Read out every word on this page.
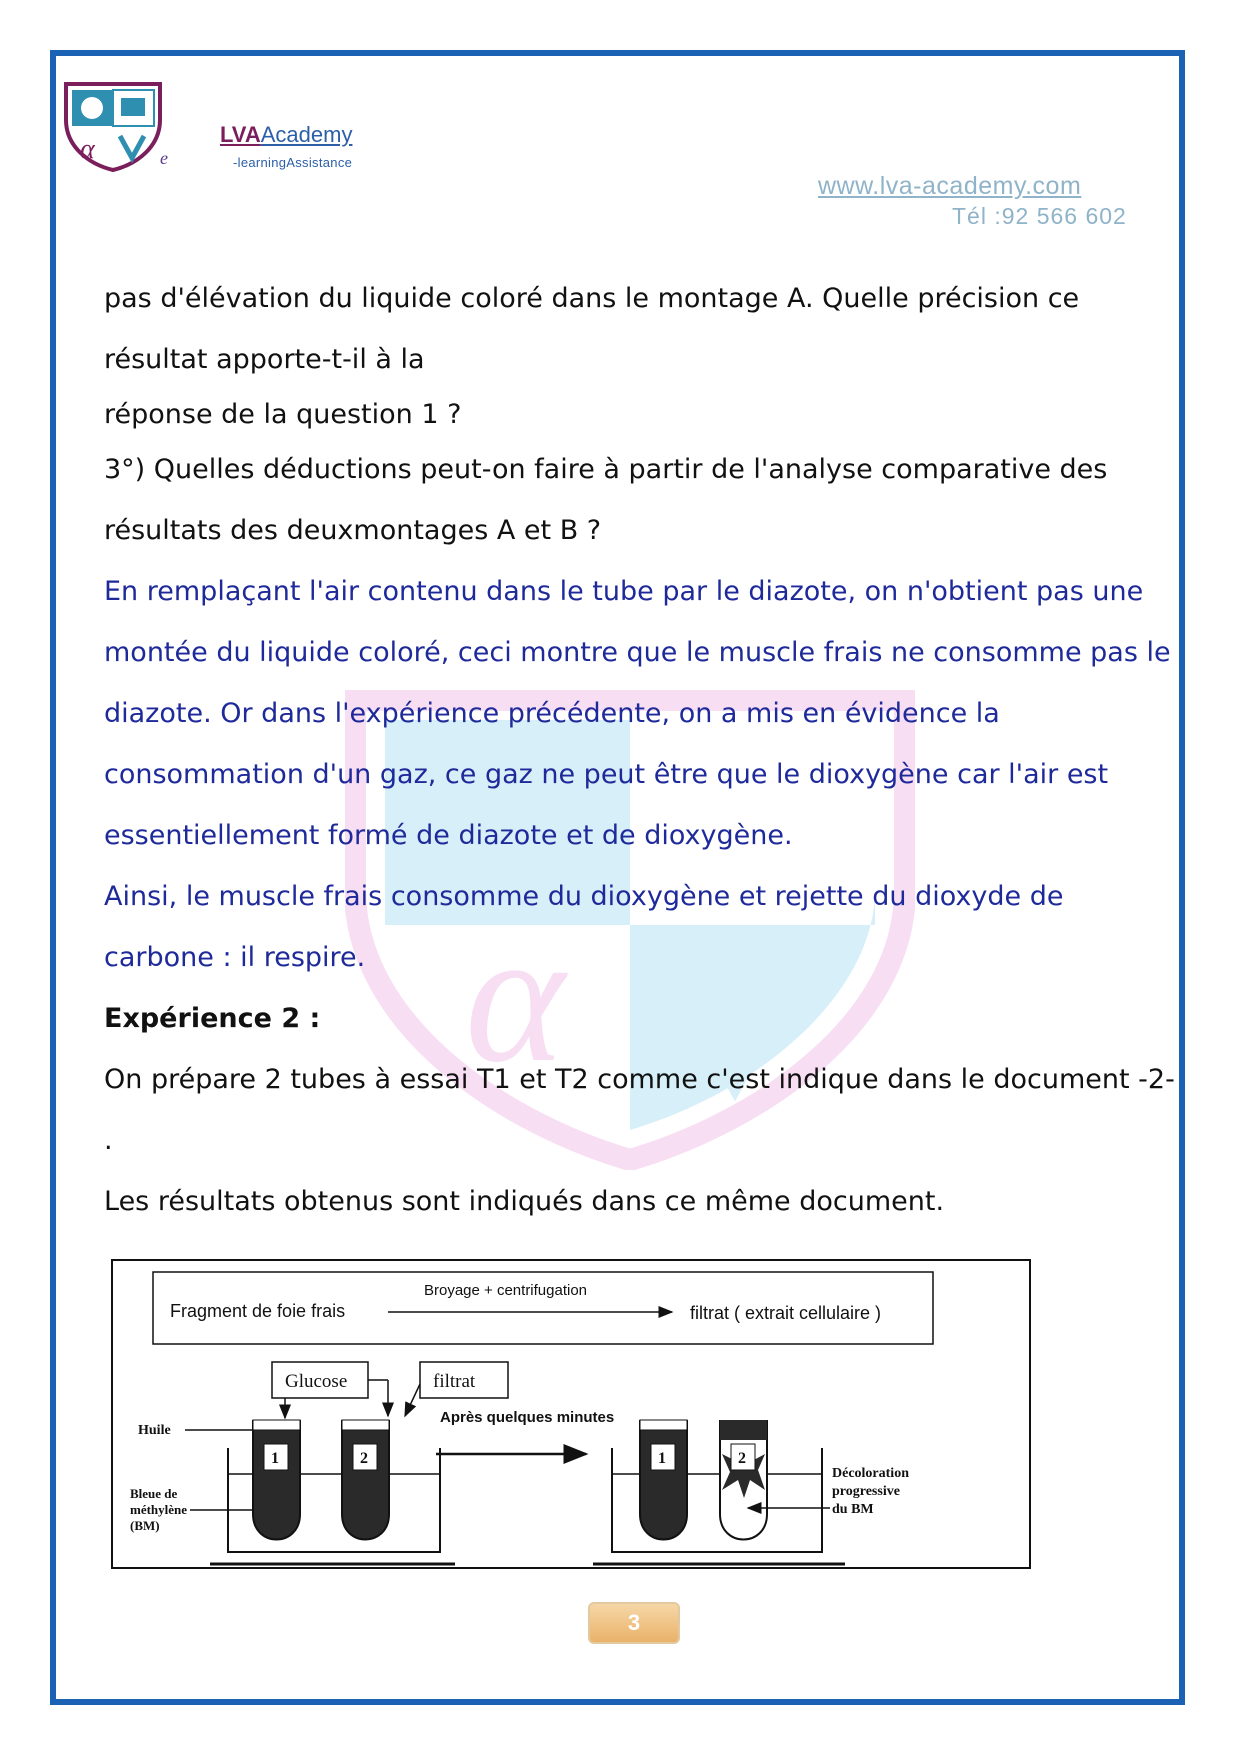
α	e
LVAAcademy
-learningAssistance
www.lva-academy.com
Tél :92 566 602
α
pas d'élévation du liquide coloré dans le montage A. Quelle précision ce
résultat apporte-t-il à la
réponse de la question 1 ?
3°) Quelles déductions peut-on faire à partir de l'analyse comparative des
résultats des deuxmontages A et B ?
En remplaçant l'air contenu dans le tube par le diazote, on n'obtient pas une
montée du liquide coloré, ceci montre que le muscle frais ne consomme pas le
diazote. Or dans l'expérience précédente, on a mis en évidence la
consommation d'un gaz, ce gaz ne peut être que le dioxygène car l'air est
essentiellement formé de diazote et de dioxygène.
Ainsi, le muscle frais consomme du dioxygène et rejette du dioxyde de
carbone : il respire.
Expérience 2 :
On prépare 2 tubes à essai T1 et T2 comme c'est indique dans le document -2-
.
Les résultats obtenus sont indiqués dans ce même document.
Fragment de foie frais
Broyage + centrifugation
filtrat ( extrait cellulaire )
Glucose	filtrat
Huile
1	2
Bleue de
méthylène
(BM)
Après quelques minutes
1	2
Décoloration
progressive
du BM
3
